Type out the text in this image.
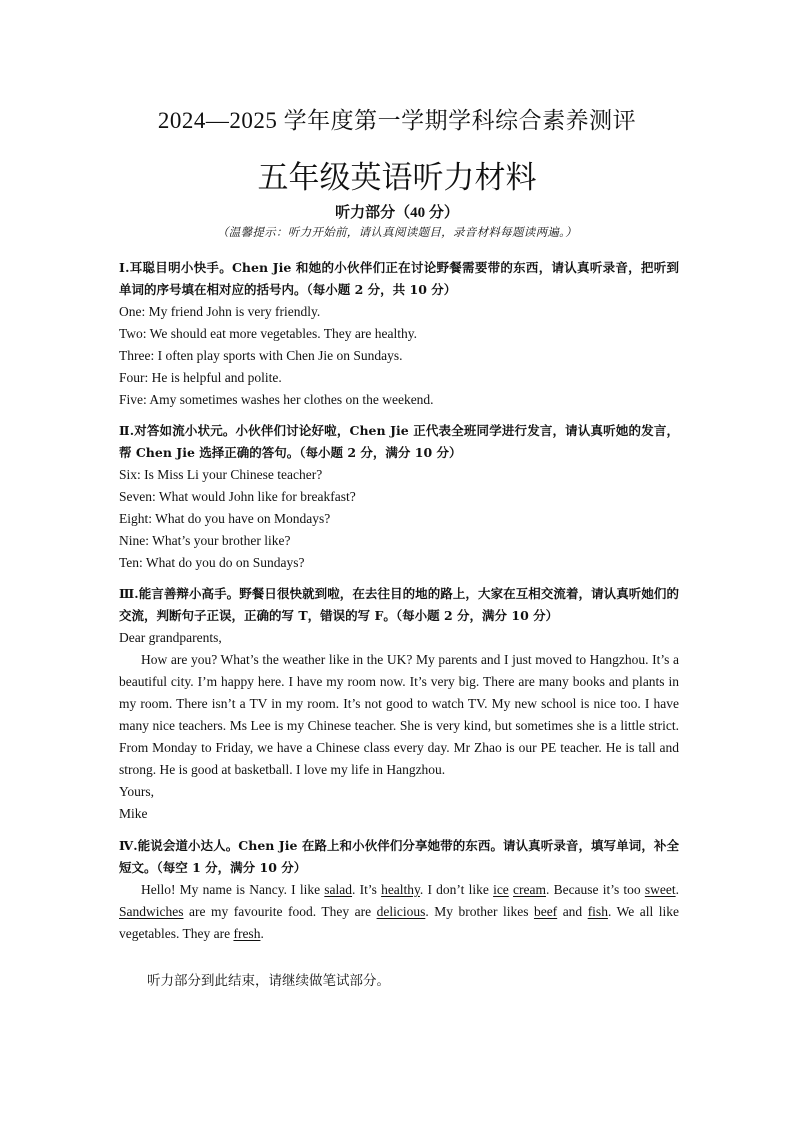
2024—2025 学年度第一学期学科综合素养测评
五年级英语听力材料
听力部分（40 分）
（温馨提示：听力开始前，请认真阅读题目，录音材料每题读两遍。）
Ⅰ.耳聪目明小快手。Chen Jie 和她的小伙伴们正在讨论野餐需要带的东西，请认真听录音，把听到单词的序号填在相对应的括号内。（每小题 2 分，共 10 分）
One: My friend John is very friendly.
Two: We should eat more vegetables. They are healthy.
Three: I often play sports with Chen Jie on Sundays.
Four: He is helpful and polite.
Five: Amy sometimes washes her clothes on the weekend.
Ⅱ.对答如流小状元。小伙伴们讨论好啦，Chen Jie 正代表全班同学进行发言，请认真听她的发言，帮 Chen Jie 选择正确的答句。（每小题 2 分，满分 10 分）
Six: Is Miss Li your Chinese teacher?
Seven: What would John like for breakfast?
Eight: What do you have on Mondays?
Nine: What’s your brother like?
Ten: What do you do on Sundays?
Ⅲ.能言善辩小高手。野餐日很快就到啦，在去往目的地的路上，大家在互相交流着，请认真听她们的交流，判断句子正误，正确的写 T，错误的写 F。（每小题 2 分，满分 10 分）
Dear grandparents,
How are you? What’s the weather like in the UK? My parents and I just moved to Hangzhou. It’s a beautiful city. I’m happy here. I have my room now. It’s very big. There are many books and plants in my room. There isn’t a TV in my room. It’s not good to watch TV. My new school is nice too. I have many nice teachers. Ms Lee is my Chinese teacher. She is very kind, but sometimes she is a little strict. From Monday to Friday, we have a Chinese class every day. Mr Zhao is our PE teacher. He is tall and strong. He is good at basketball. I love my life in Hangzhou.
Yours,
Mike
Ⅳ.能说会道小达人。Chen Jie 在路上和小伙伴们分享她带的东西。请认真听录音，填写单词，补全短文。（每空 1 分，满分 10 分）
Hello! My name is Nancy. I like salad. It’s healthy. I don’t like ice cream. Because it’s too sweet. Sandwiches are my favourite food. They are delicious. My brother likes beef and fish. We all like vegetables. They are fresh.
听力部分到此结束，请继续做笔试部分。
